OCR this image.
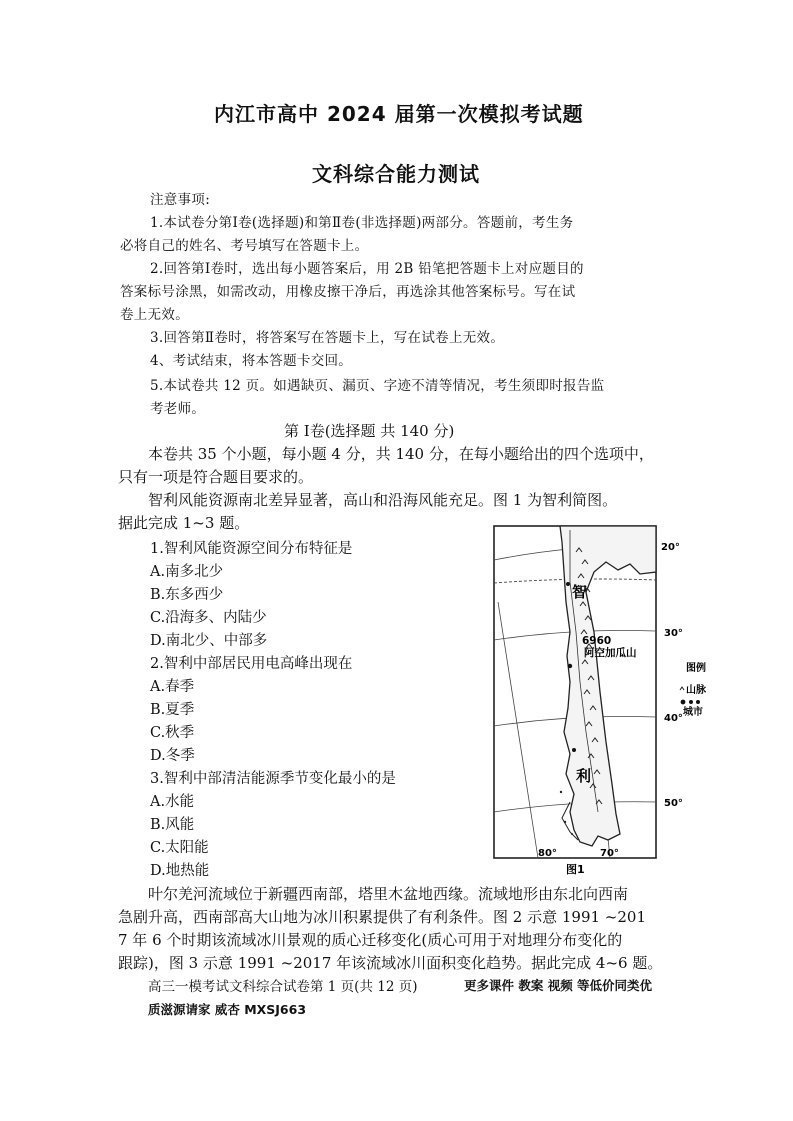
内江市高中 2024 届第一次模拟考试题
文科综合能力测试
注意事项:
1.本试卷分第Ⅰ卷(选择题)和第Ⅱ卷(非选择题)两部分。答题前，考生务
必将自己的姓名、考号填写在答题卡上。
2.回答第Ⅰ卷时，选出每小题答案后，用 2B 铅笔把答题卡上对应题目的
答案标号涂黑，如需改动，用橡皮擦干净后，再选涂其他答案标号。写在试
卷上无效。
3.回答第Ⅱ卷时，将答案写在答题卡上，写在试卷上无效。
4、考试结束，将本答题卡交回。
5.本试卷共 12 页。如遇缺页、漏页、字迹不清等情况，考生须即时报告监
考老师。
第 Ⅰ卷(选择题 共 140 分)
本卷共 35 个小题，每小题 4 分，共 140 分，在每小题给出的四个选项中，
只有一项是符合题目要求的。
智利风能资源南北差异显著，高山和沿海风能充足。图 1 为智利简图。
据此完成 1~3 题。
1.智利风能资源空间分布特征是
A.南多北少
B.东多西少
C.沿海多、内陆少
D.南北少、中部多
2.智利中部居民用电高峰出现在
A.春季
B.夏季
C.秋季
D.冬季
3.智利中部清洁能源季节变化最小的是
A.水能
B.风能
C.太阳能
D.地热能
智
利
6960
阿空加瓜山
20°
30°
40°
50°
80°	70°
图例
山脉
城市
图1
叶尔羌河流域位于新疆西南部，塔里木盆地西缘。流域地形由东北向西南
急剧升高，西南部高大山地为冰川积累提供了有利条件。图 2 示意 1991 ~201
7 年 6 个时期该流域冰川景观的质心迁移变化(质心可用于对地理分布变化的
跟踪)，图 3 示意 1991 ~2017 年该流域冰川面积变化趋势。据此完成 4~6 题。
高三一模考试文科综合试卷第 1 页(共 12 页)	更多课件 教案 视频 等低价同类优
质滋源请家 威杏 MXSJ663
